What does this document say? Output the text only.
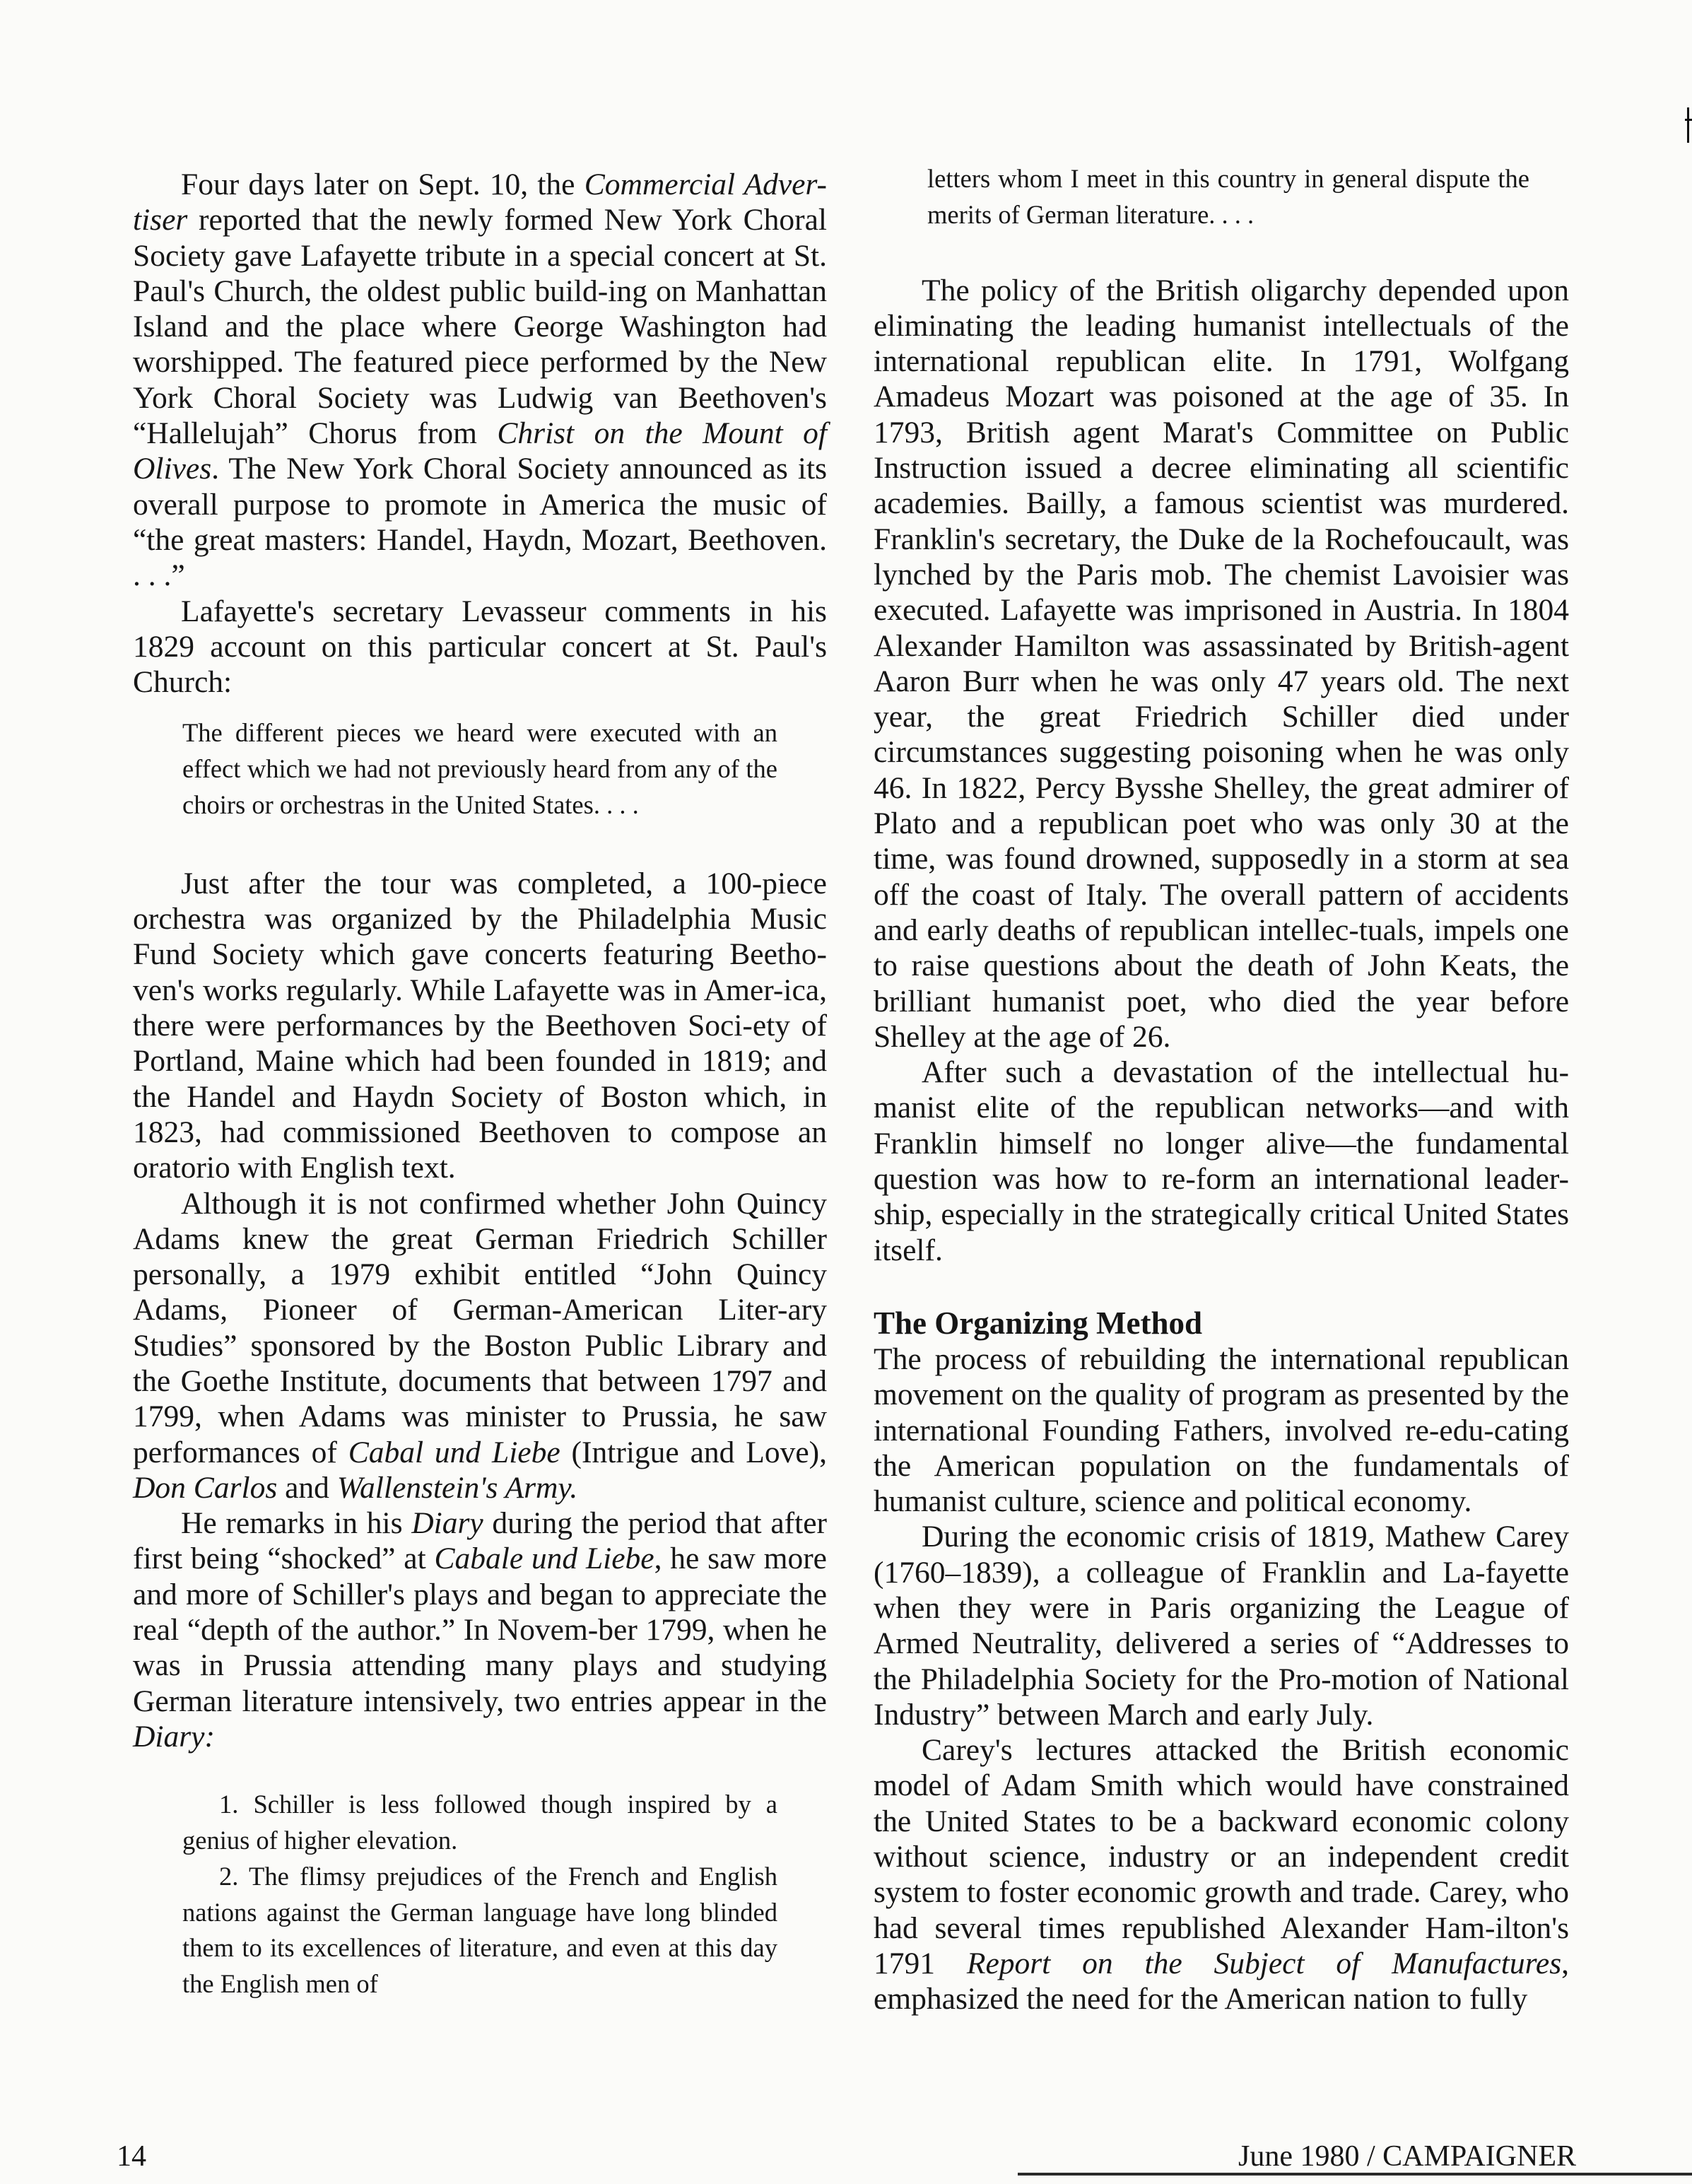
Four days later on Sept. 10, the Commercial Adver-tiser reported that the newly formed New York Choral Society gave Lafayette tribute in a special concert at St. Paul's Church, the oldest public build-ing on Manhattan Island and the place where George Washington had worshipped. The featured piece performed by the New York Choral Society was Ludwig van Beethoven's “Hallelujah” Chorus from Christ on the Mount of Olives. The New York Choral Society announced as its overall purpose to promote in America the music of “the great masters: Handel, Haydn, Mozart, Beethoven. . . .”

Lafayette's secretary Levasseur comments in his 1829 account on this particular concert at St. Paul's Church:

The different pieces we heard were executed with an effect which we had not previously heard from any of the choirs or orchestras in the United States. . . .

Just after the tour was completed, a 100-piece orchestra was organized by the Philadelphia Music Fund Society which gave concerts featuring Beetho-ven's works regularly. While Lafayette was in Amer-ica, there were performances by the Beethoven Soci-ety of Portland, Maine which had been founded in 1819; and the Handel and Haydn Society of Boston which, in 1823, had commissioned Beethoven to compose an oratorio with English text.

Although it is not confirmed whether John Quincy Adams knew the great German Friedrich Schiller personally, a 1979 exhibit entitled “John Quincy Adams, Pioneer of German-American Liter-ary Studies” sponsored by the Boston Public Library and the Goethe Institute, documents that between 1797 and 1799, when Adams was minister to Prussia, he saw performances of Cabal und Liebe (Intrigue and Love), Don Carlos and Wallenstein's Army.

He remarks in his Diary during the period that after first being “shocked” at Cabale und Liebe, he saw more and more of Schiller's plays and began to appreciate the real “depth of the author.” In Novem-ber 1799, when he was in Prussia attending many plays and studying German literature intensively, two entries appear in the Diary:

1. Schiller is less followed though inspired by a genius of higher elevation.

2. The flimsy prejudices of the French and English nations against the German language have long blinded them to its excellences of literature, and even at this day the English men of

letters whom I meet in this country in general dispute the merits of German literature. . . .

The policy of the British oligarchy depended upon eliminating the leading humanist intellectuals of the international republican elite. In 1791, Wolfgang Amadeus Mozart was poisoned at the age of 35. In 1793, British agent Marat's Committee on Public Instruction issued a decree eliminating all scientific academies. Bailly, a famous scientist was murdered. Franklin's secretary, the Duke de la Rochefoucault, was lynched by the Paris mob. The chemist Lavoisier was executed. Lafayette was imprisoned in Austria. In 1804 Alexander Hamilton was assassinated by British-agent Aaron Burr when he was only 47 years old. The next year, the great Friedrich Schiller died under circumstances suggesting poisoning when he was only 46. In 1822, Percy Bysshe Shelley, the great admirer of Plato and a republican poet who was only 30 at the time, was found drowned, supposedly in a storm at sea off the coast of Italy. The overall pattern of accidents and early deaths of republican intellec-tuals, impels one to raise questions about the death of John Keats, the brilliant humanist poet, who died the year before Shelley at the age of 26.

After such a devastation of the intellectual hu-manist elite of the republican networks—and with Franklin himself no longer alive—the fundamental question was how to re-form an international leader-ship, especially in the strategically critical United States itself.

The Organizing Method

The process of rebuilding the international republican movement on the quality of program as presented by the international Founding Fathers, involved re-edu-cating the American population on the fundamentals of humanist culture, science and political economy.

During the economic crisis of 1819, Mathew Carey (1760–1839), a colleague of Franklin and La-fayette when they were in Paris organizing the League of Armed Neutrality, delivered a series of “Addresses to the Philadelphia Society for the Pro-motion of National Industry” between March and early July.

Carey's lectures attacked the British economic model of Adam Smith which would have constrained the United States to be a backward economic colony without science, industry or an independent credit system to foster economic growth and trade. Carey, who had several times republished Alexander Ham-ilton's 1791 Report on the Subject of Manufactures, emphasized the need for the American nation to fully

14	June 1980 / CAMPAIGNER
